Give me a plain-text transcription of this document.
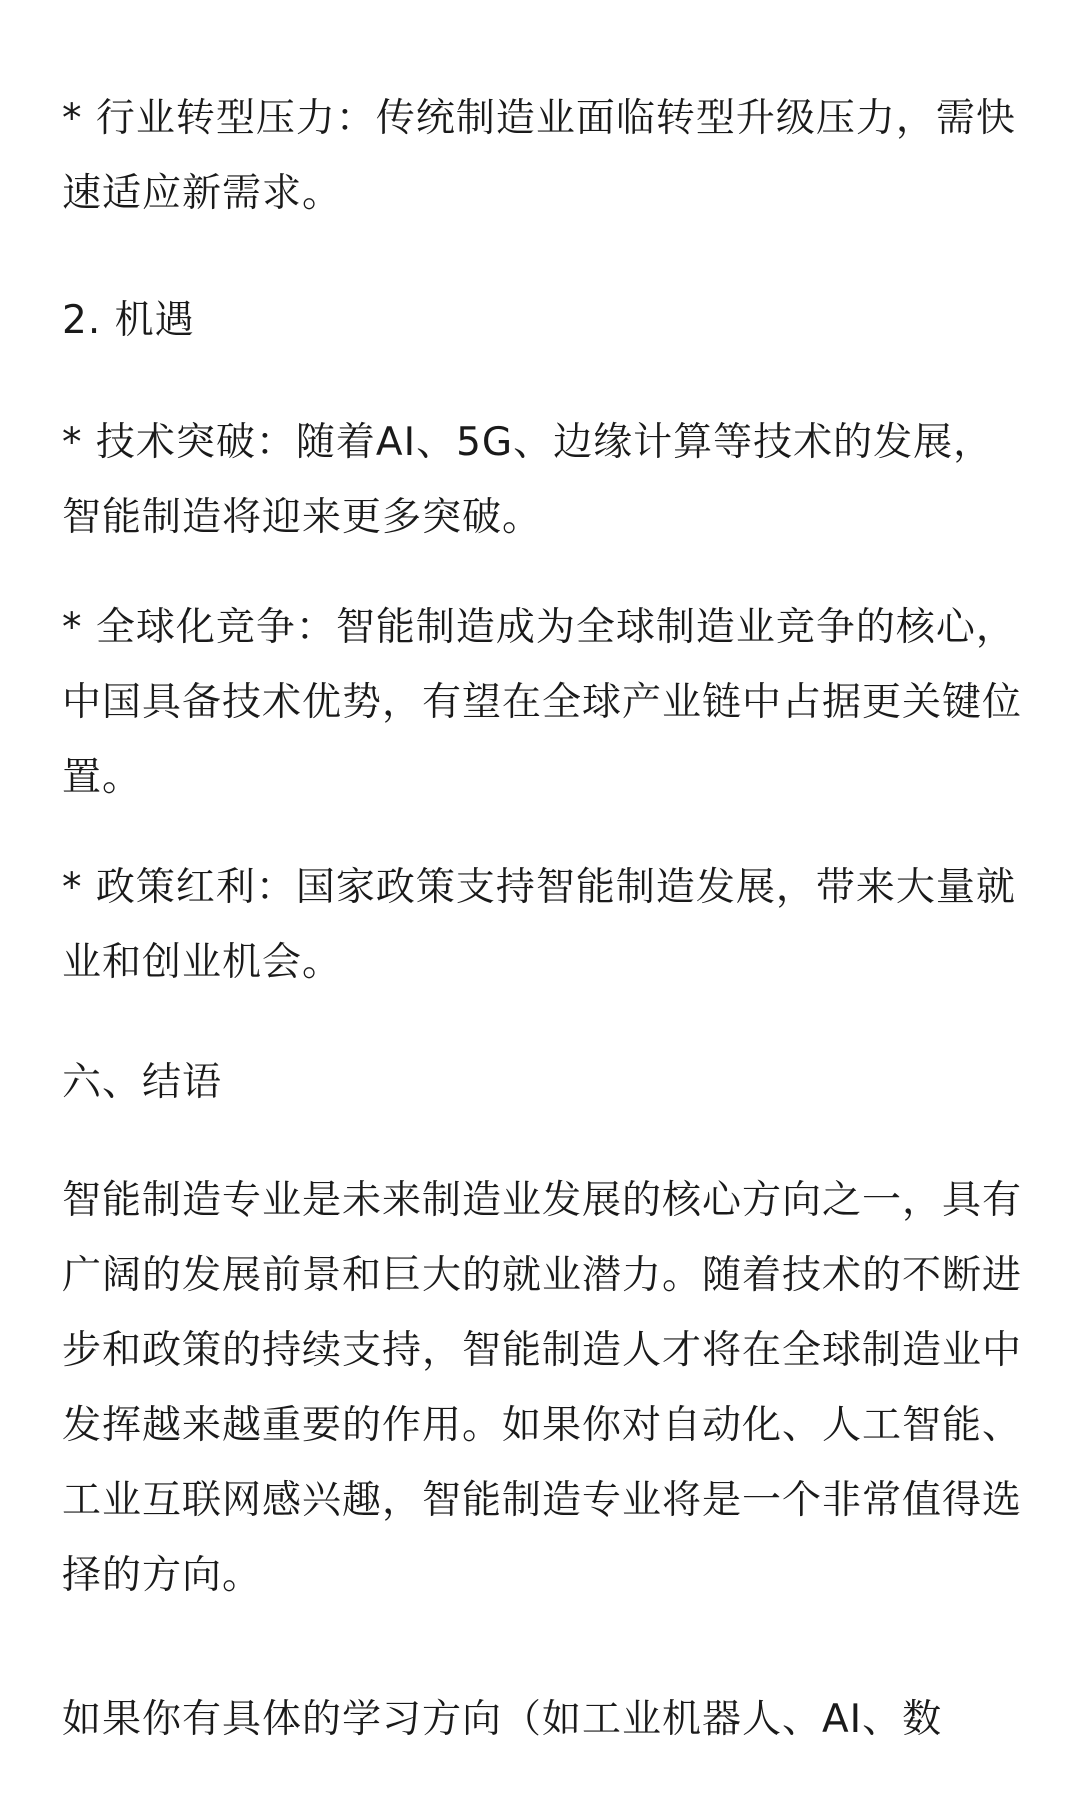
* 行业转型压力：传统制造业面临转型升级压力，需快速适应新需求。

2. 机遇

* 技术突破：随着AI、5G、边缘计算等技术的发展，智能制造将迎来更多突破。

* 全球化竞争：智能制造成为全球制造业竞争的核心，中国具备技术优势，有望在全球产业链中占据更关键位置。

* 政策红利：国家政策支持智能制造发展，带来大量就业和创业机会。

六、结语

智能制造专业是未来制造业发展的核心方向之一，具有广阔的发展前景和巨大的就业潜力。随着技术的不断进步和政策的持续支持，智能制造人才将在全球制造业中发挥越来越重要的作用。如果你对自动化、人工智能、工业互联网感兴趣，智能制造专业将是一个非常值得选择的方向。

如果你有具体的学习方向（如工业机器人、AI、数
